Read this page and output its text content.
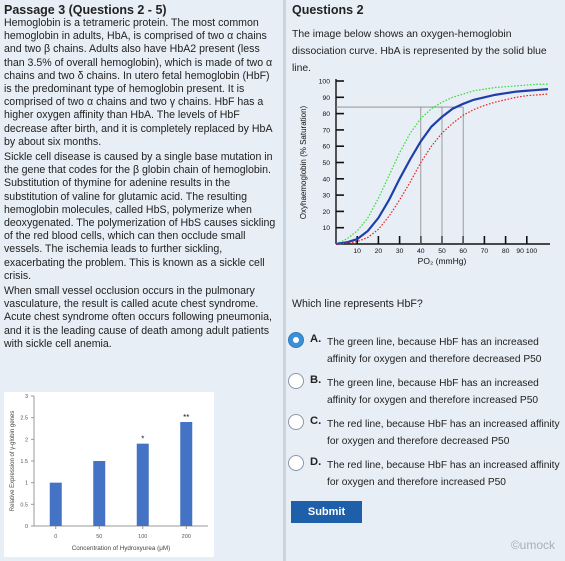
Passage 3 (Questions 2 - 5)

Hemoglobin is a tetrameric protein. The most common hemoglobin in adults, HbA, is comprised of two α chains and two β chains. Adults also have HbA2 present (less than 3.5% of overall hemoglobin), which is made of two α chains and two δ chains. In utero fetal hemoglobin (HbF) is the predominant type of hemoglobin present. It is comprised of two α chains and two γ chains. HbF has a higher oxygen affinity than HbA. The levels of HbF decrease after birth, and it is completely replaced by HbA by about six months.

Sickle cell disease is caused by a single base mutation in the gene that codes for the β globin chain of hemoglobin. Substitution of thymine for adenine results in the substitution of valine for glutamic acid. The resulting hemoglobin molecules, called HbS, polymerize when deoxygenated. The polymerization of HbS causes sickling of the red blood cells, which can then occlude small vessels. The ischemia leads to further sickling, exacerbating the problem. This is known as a sickle cell crisis.

When small vessel occlusion occurs in the pulmonary vasculature, the result is called acute chest syndrome. Acute chest syndrome often occurs following pneumonia, and it is the leading cause of death among adult patients with sickle cell anemia.

0
0.5
1
1.5
2
2.5
3
0	50	100
*
200
**
Concentration of Hydroxyurea (μM)
Relative Expression of γ-globin genes
Questions 2
The image below shows an oxygen-hemoglobin dissociation curve. HbA is represented by the solid blue line.
10
20
30
40
50
60
70
80
90
100
10 20 30 40 50 60 70 80 90 100
PO₂ (mmHg)
Oxyhaemoglobin (% Saturation)
Which line represents HbF?
A. The green line, because HbF has an increased affinity for oxygen and therefore decreased P50
B. The green line, because HbF has an increased affinity for oxygen and therefore increased P50
C. The red line, because HbF has an increased affinity for oxygen and therefore decreased P50
D. The red line, because HbF has an increased affinity for oxygen and therefore increased P50
Submit
©umock
